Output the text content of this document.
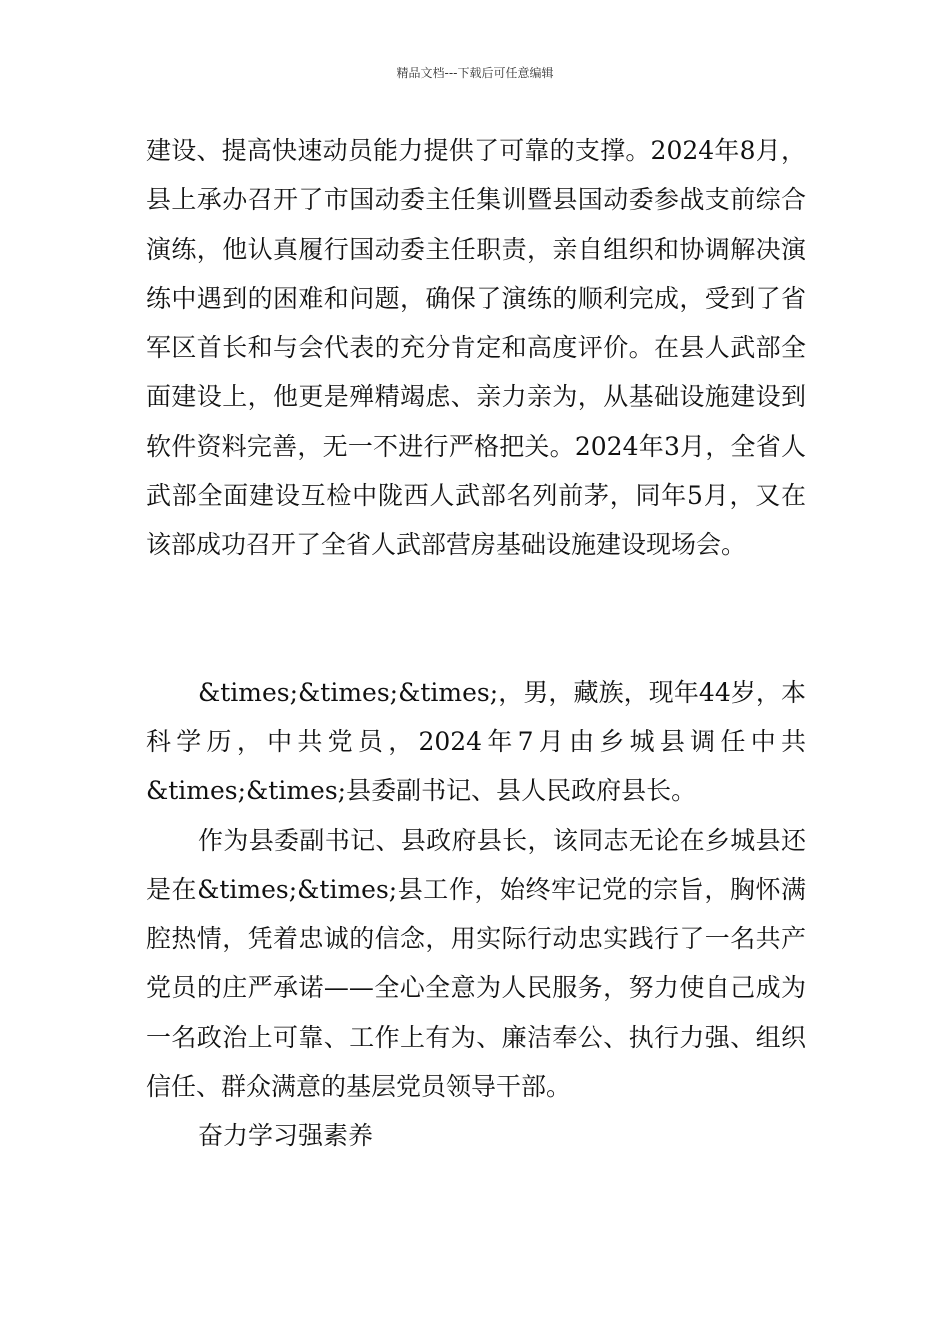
精品文档---下载后可任意编辑

建设、提高快速动员能力提供了可靠的支撑。2024年8月，县上承办召开了市国动委主任集训暨县国动委参战支前综合演练，他认真履行国动委主任职责，亲自组织和协调解决演练中遇到的困难和问题，确保了演练的顺利完成，受到了省军区首长和与会代表的充分肯定和高度评价。在县人武部全面建设上，他更是殚精竭虑、亲力亲为，从基础设施建设到软件资料完善，无一不进行严格把关。2024年3月，全省人武部全面建设互检中陇西人武部名列前茅，同年5月，又在该部成功召开了全省人武部营房基础设施建设现场会。

&times;&times;&times;，男，藏族，现年44岁，本科学历，中共党员，2024年7月由乡城县调任中共&times;&times;县委副书记、县人民政府县长。

作为县委副书记、县政府县长，该同志无论在乡城县还是在&times;&times;县工作，始终牢记党的宗旨，胸怀满腔热情，凭着忠诚的信念，用实际行动忠实践行了一名共产党员的庄严承诺——全心全意为人民服务，努力使自己成为一名政治上可靠、工作上有为、廉洁奉公、执行力强、组织信任、群众满意的基层党员领导干部。

奋力学习强素养
